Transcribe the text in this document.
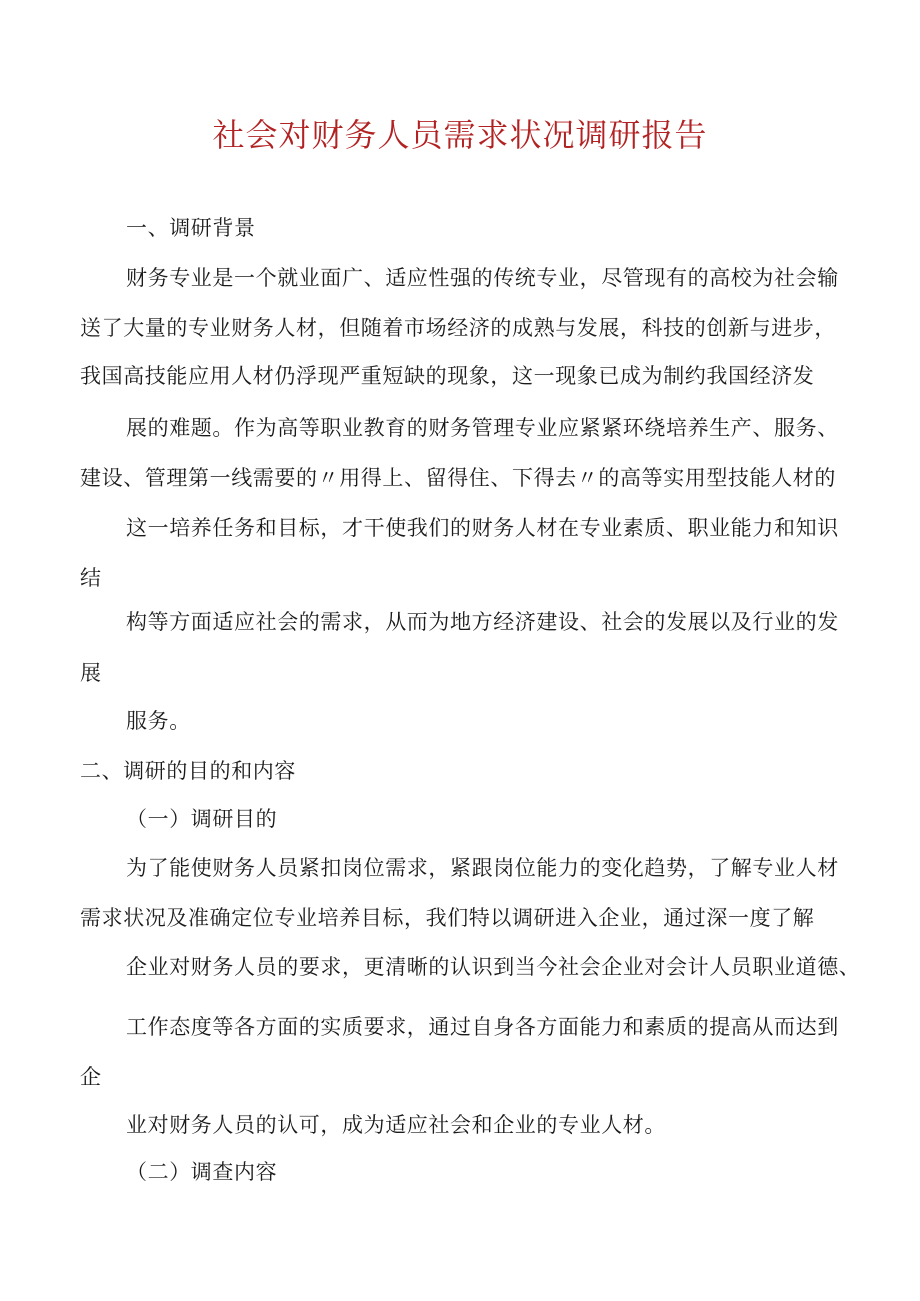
社会对财务人员需求状况调研报告
一、调研背景
财务专业是一个就业面广、适应性强的传统专业，尽管现有的高校为社会输
送了大量的专业财务人材，但随着市场经济的成熟与发展，科技的创新与进步，
我国高技能应用人材仍浮现严重短缺的现象，这一现象已成为制约我国经济发
展的难题。作为高等职业教育的财务管理专业应紧紧环绕培养生产、服务、
建设、管理第一线需要的〃用得上、留得住、下得去〃的高等实用型技能人材的
这一培养任务和目标，才干使我们的财务人材在专业素质、职业能力和知识
结
构等方面适应社会的需求，从而为地方经济建设、社会的发展以及行业的发
展
服务。
二、调研的目的和内容
（一）调研目的
为了能使财务人员紧扣岗位需求，紧跟岗位能力的变化趋势，了解专业人材
需求状况及准确定位专业培养目标，我们特以调研进入企业，通过深一度了解
企业对财务人员的要求，更清晰的认识到当今社会企业对会计人员职业道德、
工作态度等各方面的实质要求，通过自身各方面能力和素质的提高从而达到
企
业对财务人员的认可，成为适应社会和企业的专业人材。
（二）调查内容
